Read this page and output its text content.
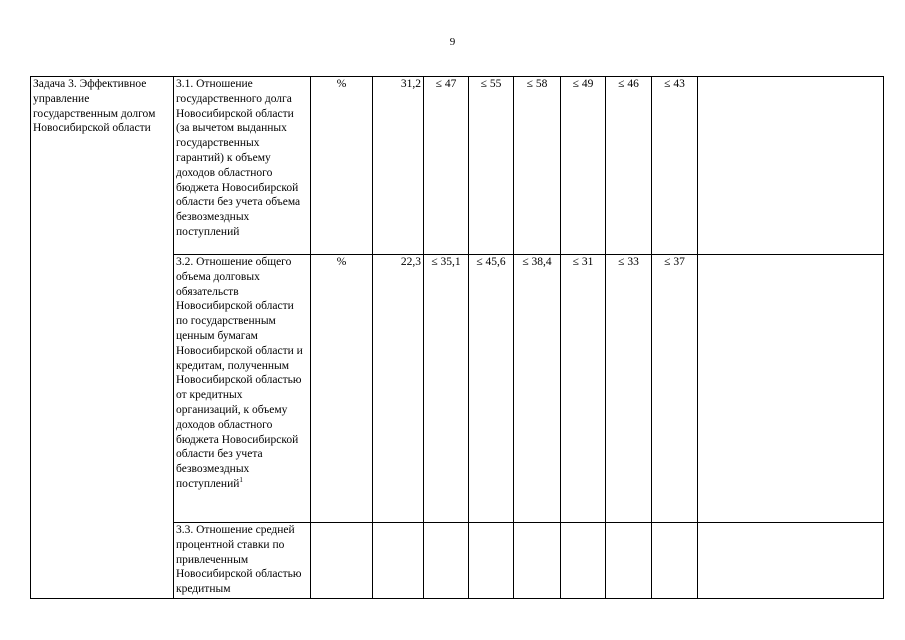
9
Задача 3. Эффективное управление государственным долгом Новосибирской области	3.1. Отношение государственного долга Новосибирской области (за вычетом выданных государственных гарантий) к объему доходов областного бюджета Новосибирской области без учета объема безвозмездных поступлений	%	31,2	≤ 47	≤ 55	≤ 58	≤ 49	≤ 46	≤ 43	
	3.2. Отношение общего объема долговых обязательств Новосибирской области по государственным ценным бумагам Новосибирской области и кредитам, полученным Новосибирской областью от кредитных организаций, к объему доходов областного бюджета Новосибирской области без учета безвозмездных поступлений$^1$	%	22,3	≤ 35,1	≤ 45,6	≤ 38,4	≤ 31	≤ 33	≤ 37	
	3.3. Отношение средней процентной ставки по привлеченным Новосибирской областью кредитным									
